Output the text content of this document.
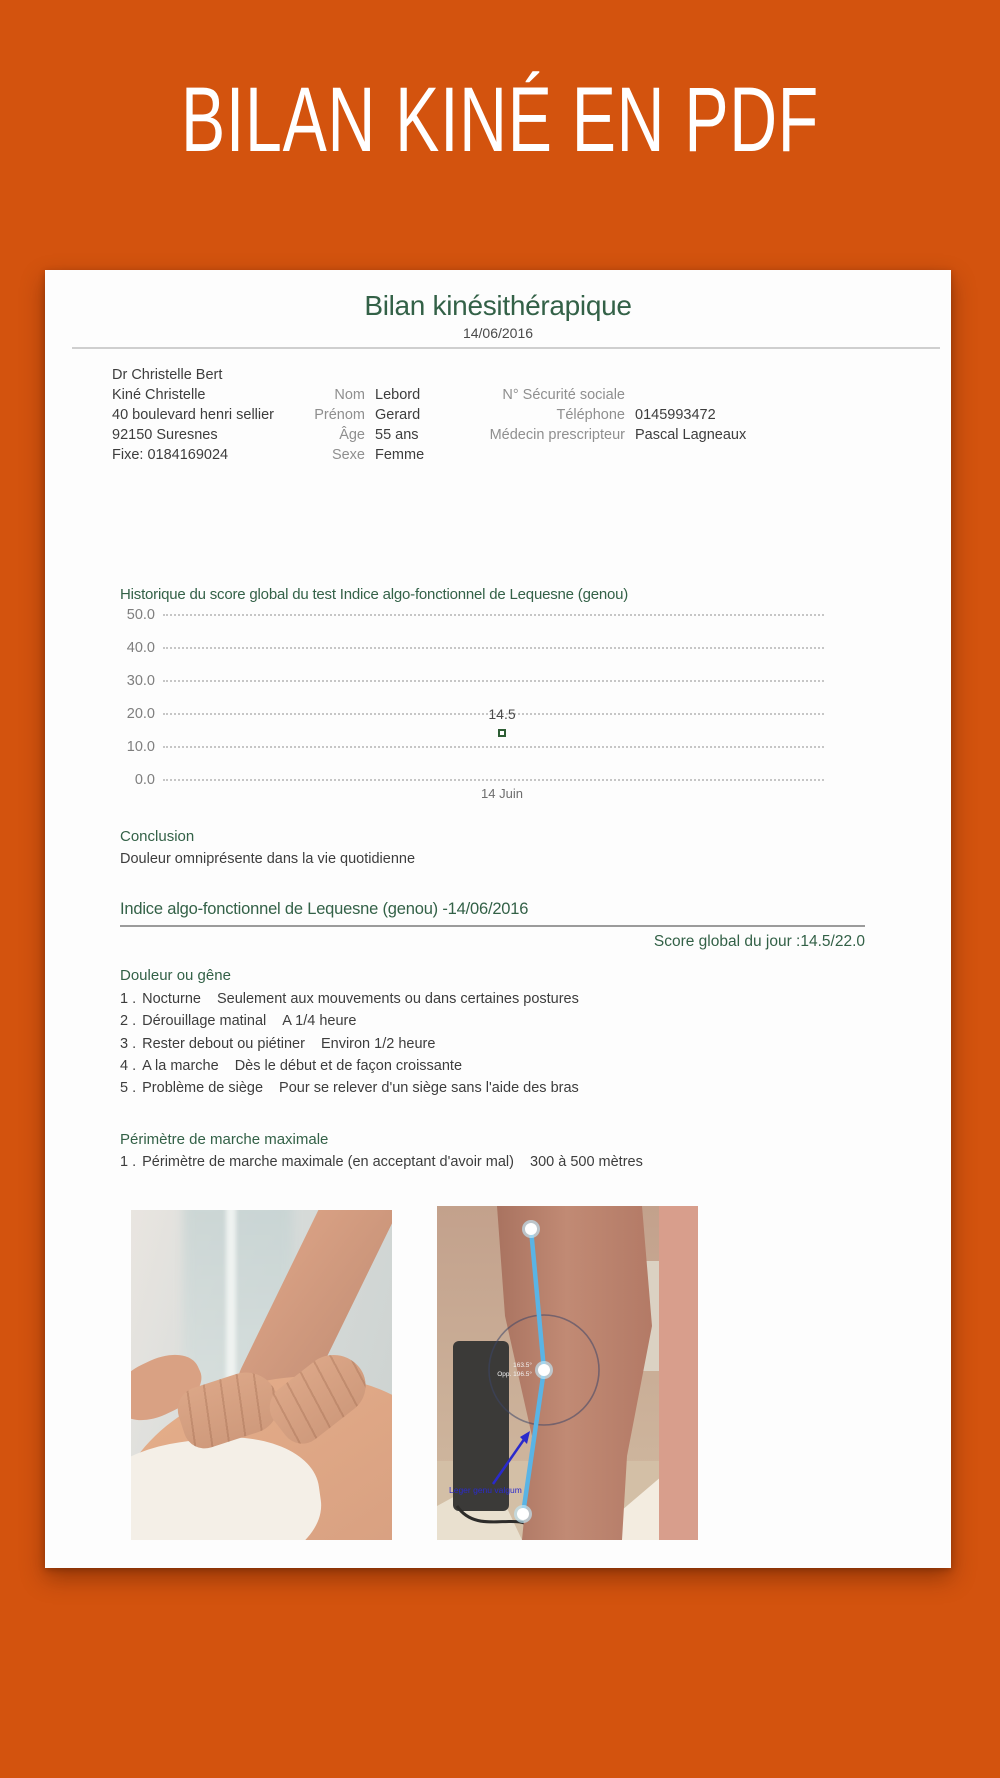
BILAN KINÉ EN PDF
Bilan kinésithérapique
14/06/2016
Dr Christelle Bert
Kiné Christelle
40 boulevard henri sellier
92150 Suresnes
Fixe: 0184169024
Nom Lebord
Prénom Gerard
Âge 55 ans
Sexe Femme
N° Sécurité sociale
Téléphone 0145993472
Médecin prescripteur Pascal Lagneaux
Historique du score global du test Indice algo-fonctionnel de Lequesne (genou)
50.0
40.0
30.0
20.0
10.0
0.0
14.5
14 Juin
Conclusion
Douleur omniprésente dans la vie quotidienne
Indice algo-fonctionnel de Lequesne (genou) -14/06/2016
Score global du jour :14.5/22.0
Douleur ou gêne
1 . Nocturne Seulement aux mouvements ou dans certaines postures
2 . Dérouillage matinal A 1/4 heure
3 . Rester debout ou piétiner Environ 1/2 heure
4 . A la marche Dès le début et de façon croissante
5 . Problème de siège Pour se relever d'un siège sans l'aide des bras
Périmètre de marche maximale
1 . Périmètre de marche maximale (en acceptant d'avoir mal) 300 à 500 mètres
163.5°
Opp. 196.5°
Leger genu valgum
